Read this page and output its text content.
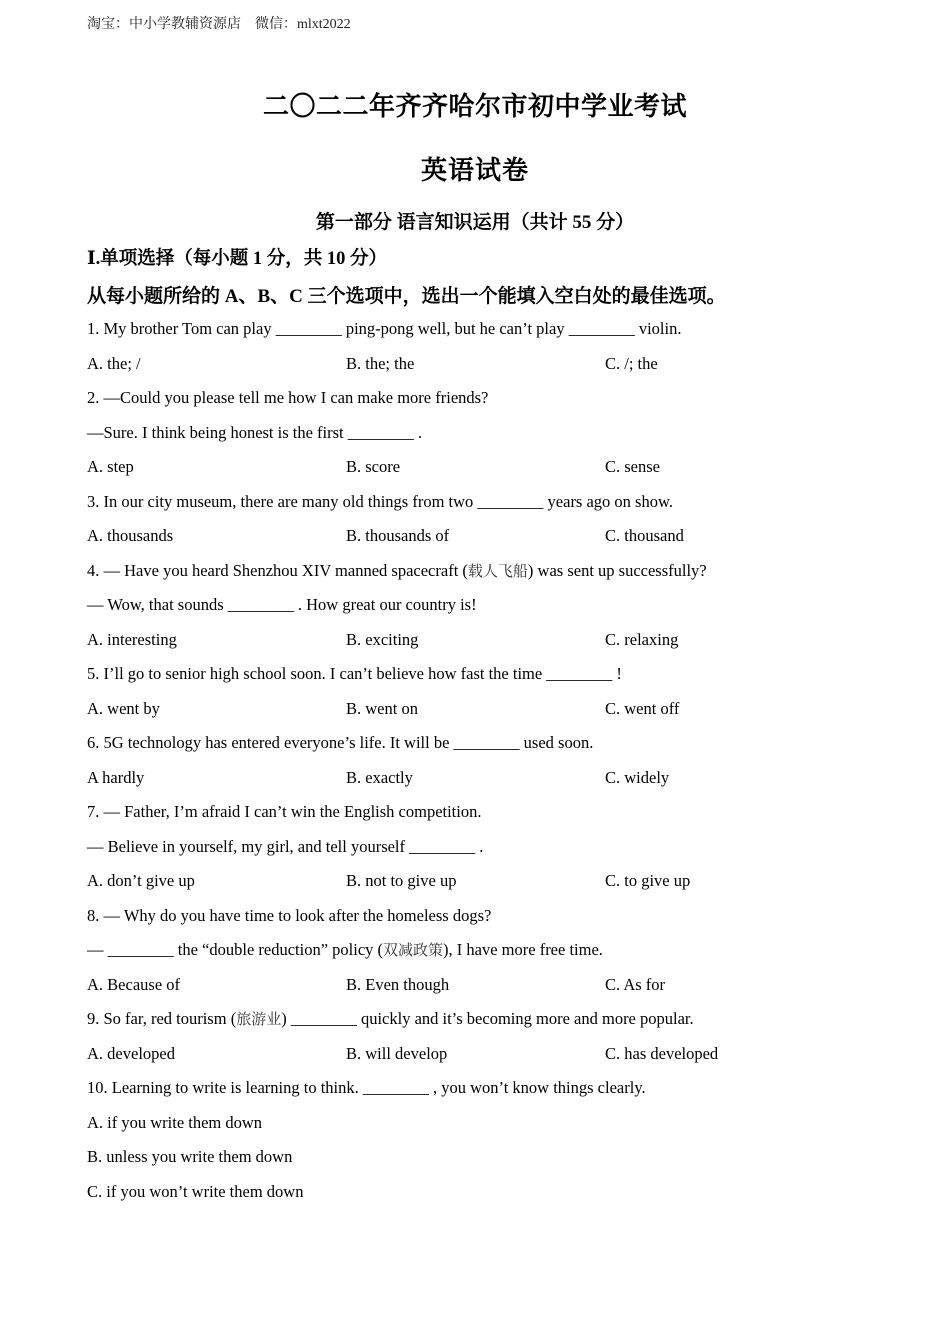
淘宝：中小学教辅资源店　微信：mlxt2022
二〇二二年齐齐哈尔市初中学业考试
英语试卷
第一部分 语言知识运用（共计 55 分）
Ⅰ.单项选择（每小题 1 分，共 10 分）
从每小题所给的 A、B、C 三个选项中，选出一个能填入空白处的最佳选项。
1. My brother Tom can play ________ ping-pong well, but he can’t play ________ violin.
A. the; /	B. the; the	C. /; the
2. —Could you please tell me how I can make more friends?
—Sure. I think being honest is the first ________ .
A. step	B. score	C. sense
3. In our city museum, there are many old things from two ________ years ago on show.
A. thousands	B. thousands of	C. thousand
4. — Have you heard Shenzhou XIV manned spacecraft (载人飞船) was sent up successfully?
— Wow, that sounds ________ . How great our country is!
A. interesting	B. exciting	C. relaxing
5. I’ll go to senior high school soon. I can’t believe how fast the time ________ !
A. went by	B. went on	C. went off
6. 5G technology has entered everyone’s life. It will be ________ used soon.
A hardly	B. exactly	C. widely
7. — Father, I’m afraid I can’t win the English competition.
— Believe in yourself, my girl, and tell yourself ________ .
A. don’t give up	B. not to give up	C. to give up
8. — Why do you have time to look after the homeless dogs?
— ________ the “double reduction” policy (双减政策), I have more free time.
A. Because of	B. Even though	C. As for
9. So far, red tourism (旅游业) ________ quickly and it’s becoming more and more popular.
A. developed	B. will develop	C. has developed
10. Learning to write is learning to think. ________ , you won’t know things clearly.
A. if you write them down
B. unless you write them down
C. if you won’t write them down
